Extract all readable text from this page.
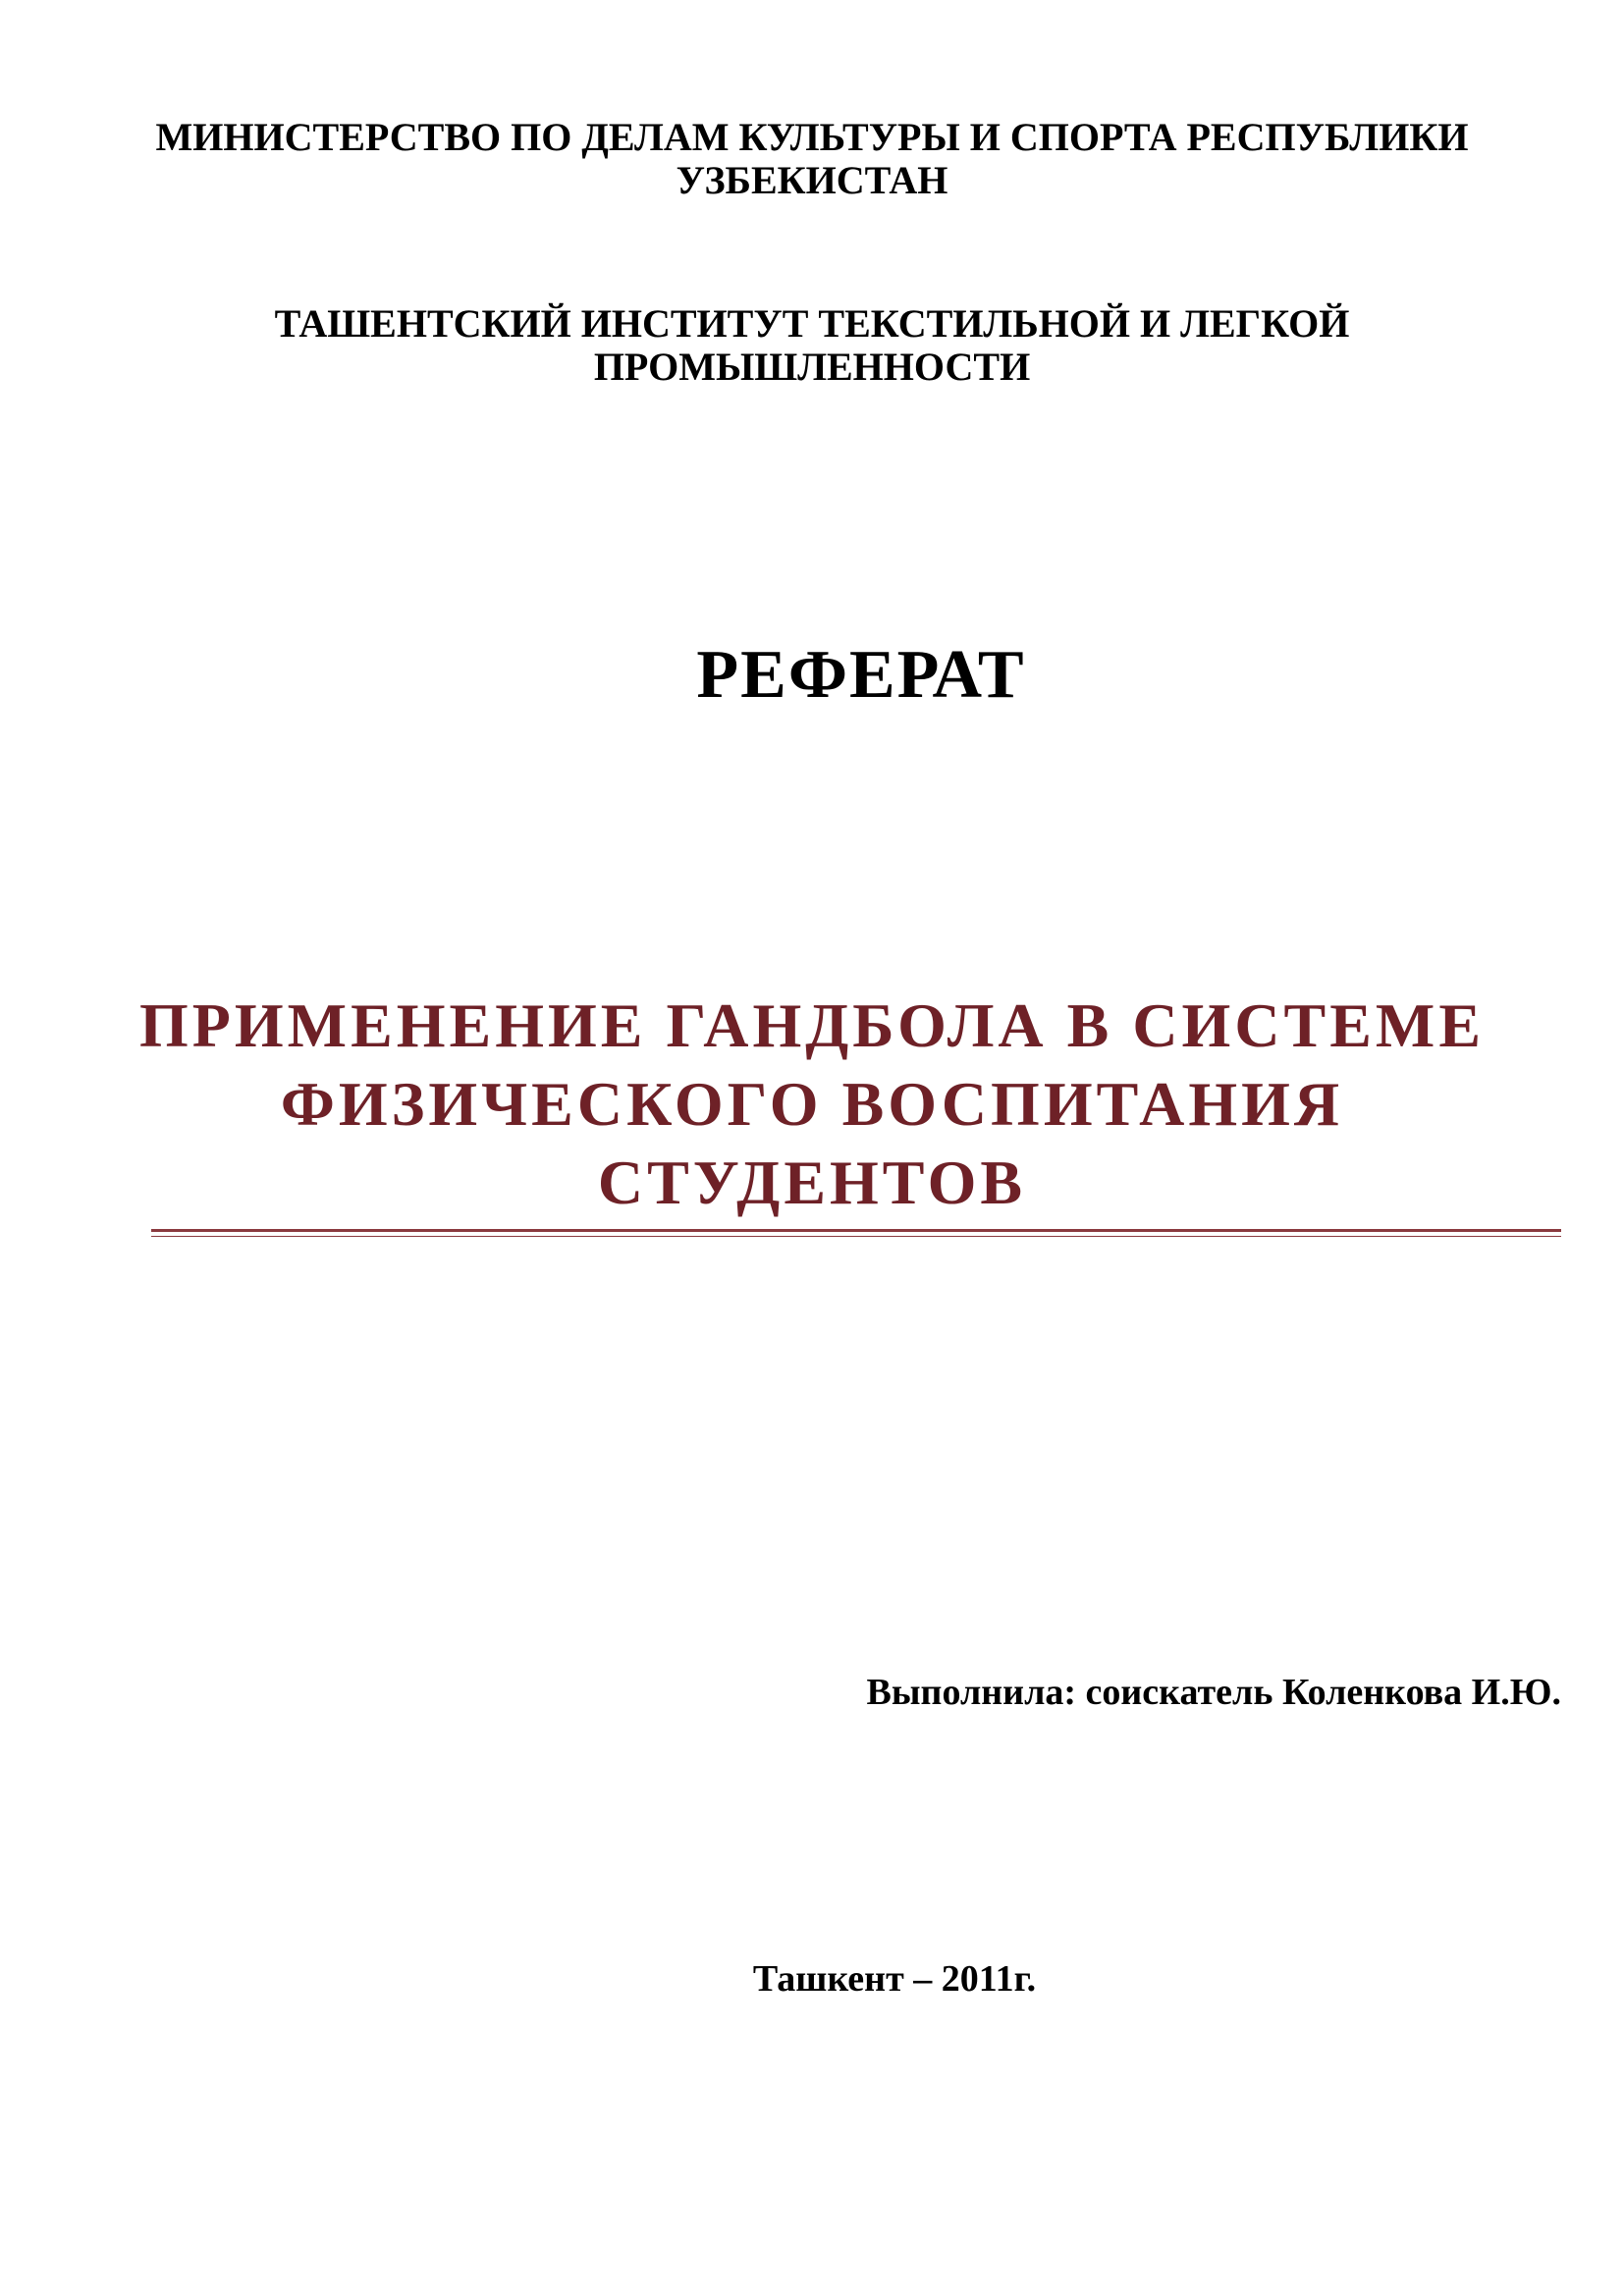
МИНИСТЕРСТВО ПО ДЕЛАМ КУЛЬТУРЫ И СПОРТА РЕСПУБЛИКИ
УЗБЕКИСТАН
ТАШЕНТСКИЙ ИНСТИТУТ ТЕКСТИЛЬНОЙ И ЛЕГКОЙ
ПРОМЫШЛЕННОСТИ
РЕФЕРАТ
ПРИМЕНЕНИЕ ГАНДБОЛА В СИСТЕМЕ
ФИЗИЧЕСКОГО ВОСПИТАНИЯ
СТУДЕНТОВ
Выполнила: соискатель Коленкова И.Ю.
Ташкент – 2011г.
